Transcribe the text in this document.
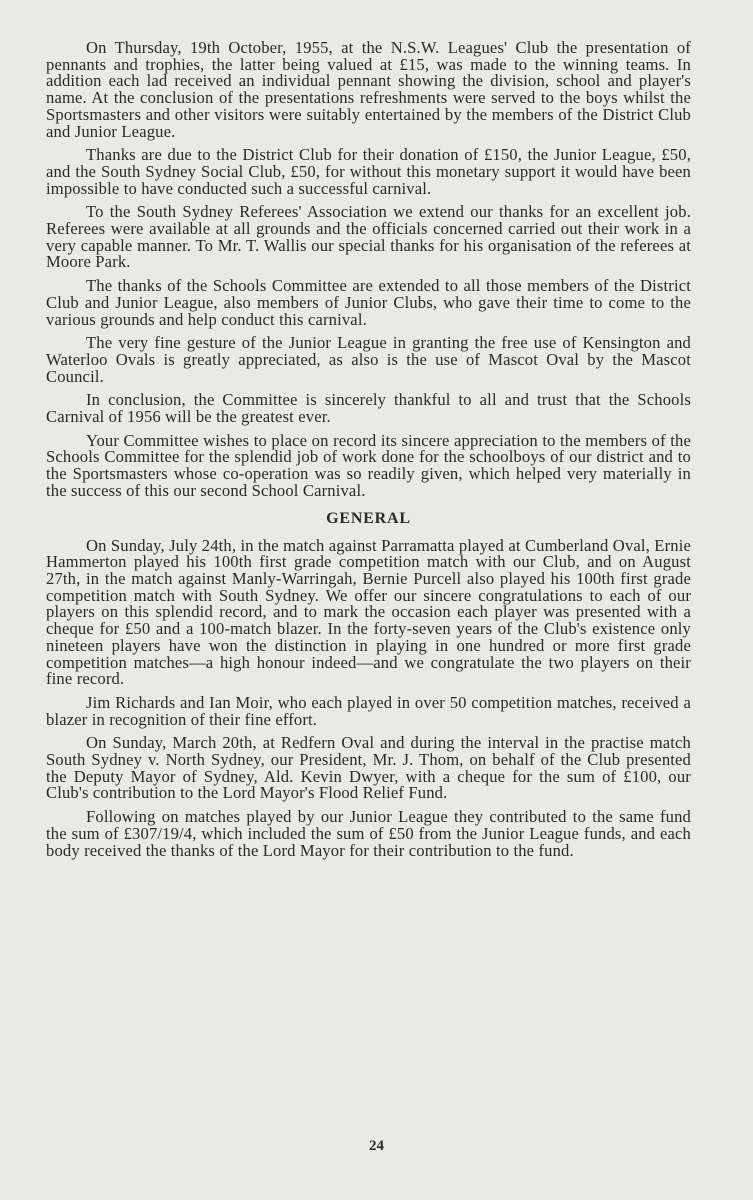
On Thursday, 19th October, 1955, at the N.S.W. Leagues' Club the presentation of pennants and trophies, the latter being valued at £15, was made to the winning teams. In addition each lad received an individual pennant showing the division, school and player's name. At the conclusion of the presentations refreshments were served to the boys whilst the Sportsmasters and other visitors were suitably entertained by the members of the District Club and Junior League.

Thanks are due to the District Club for their donation of £150, the Junior League, £50, and the South Sydney Social Club, £50, for without this monetary support it would have been impossible to have conducted such a successful carnival.

To the South Sydney Referees' Association we extend our thanks for an excellent job. Referees were available at all grounds and the officials concerned carried out their work in a very capable manner. To Mr. T. Wallis our special thanks for his organisation of the referees at Moore Park.

The thanks of the Schools Committee are extended to all those members of the District Club and Junior League, also members of Junior Clubs, who gave their time to come to the various grounds and help conduct this carnival.

The very fine gesture of the Junior League in granting the free use of Kensington and Waterloo Ovals is greatly appreciated, as also is the use of Mascot Oval by the Mascot Council.

In conclusion, the Committee is sincerely thankful to all and trust that the Schools Carnival of 1956 will be the greatest ever.

Your Committee wishes to place on record its sincere appreciation to the members of the Schools Committee for the splendid job of work done for the schoolboys of our district and to the Sportsmasters whose co-operation was so readily given, which helped very materially in the success of this our second School Carnival.

GENERAL

On Sunday, July 24th, in the match against Parramatta played at Cumberland Oval, Ernie Hammerton played his 100th first grade competition match with our Club, and on August 27th, in the match against Manly-Warringah, Bernie Purcell also played his 100th first grade competition match with South Sydney. We offer our sincere congratulations to each of our players on this splendid record, and to mark the occasion each player was presented with a cheque for £50 and a 100-match blazer. In the forty-seven years of the Club's existence only nineteen players have won the distinction in playing in one hundred or more first grade competition matches—a high honour indeed—and we congratulate the two players on their fine record.

Jim Richards and Ian Moir, who each played in over 50 competition matches, received a blazer in recognition of their fine effort.

On Sunday, March 20th, at Redfern Oval and during the interval in the practise match South Sydney v. North Sydney, our President, Mr. J. Thom, on behalf of the Club presented the Deputy Mayor of Sydney, Ald. Kevin Dwyer, with a cheque for the sum of £100, our Club's contribution to the Lord Mayor's Flood Relief Fund.

Following on matches played by our Junior League they contributed to the same fund the sum of £307/19/4, which included the sum of £50 from the Junior League funds, and each body received the thanks of the Lord Mayor for their contribution to the fund.

24
